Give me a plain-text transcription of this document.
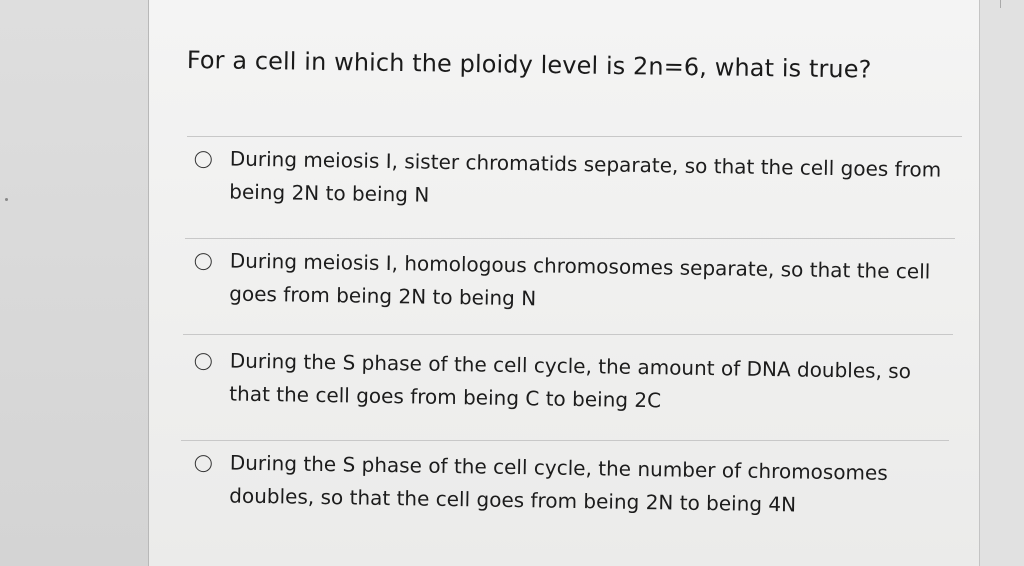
For a cell in which the ploidy level is 2n=6, what is true?
During meiosis I, sister chromatids separate, so that the cell goes from being 2N to being N
During meiosis I, homologous chromosomes separate, so that the cell goes from being 2N to being N
During the S phase of the cell cycle, the amount of DNA doubles, so that the cell goes from being C to being 2C
During the S phase of the cell cycle, the number of chromosomes doubles, so that the cell goes from being 2N to being 4N
